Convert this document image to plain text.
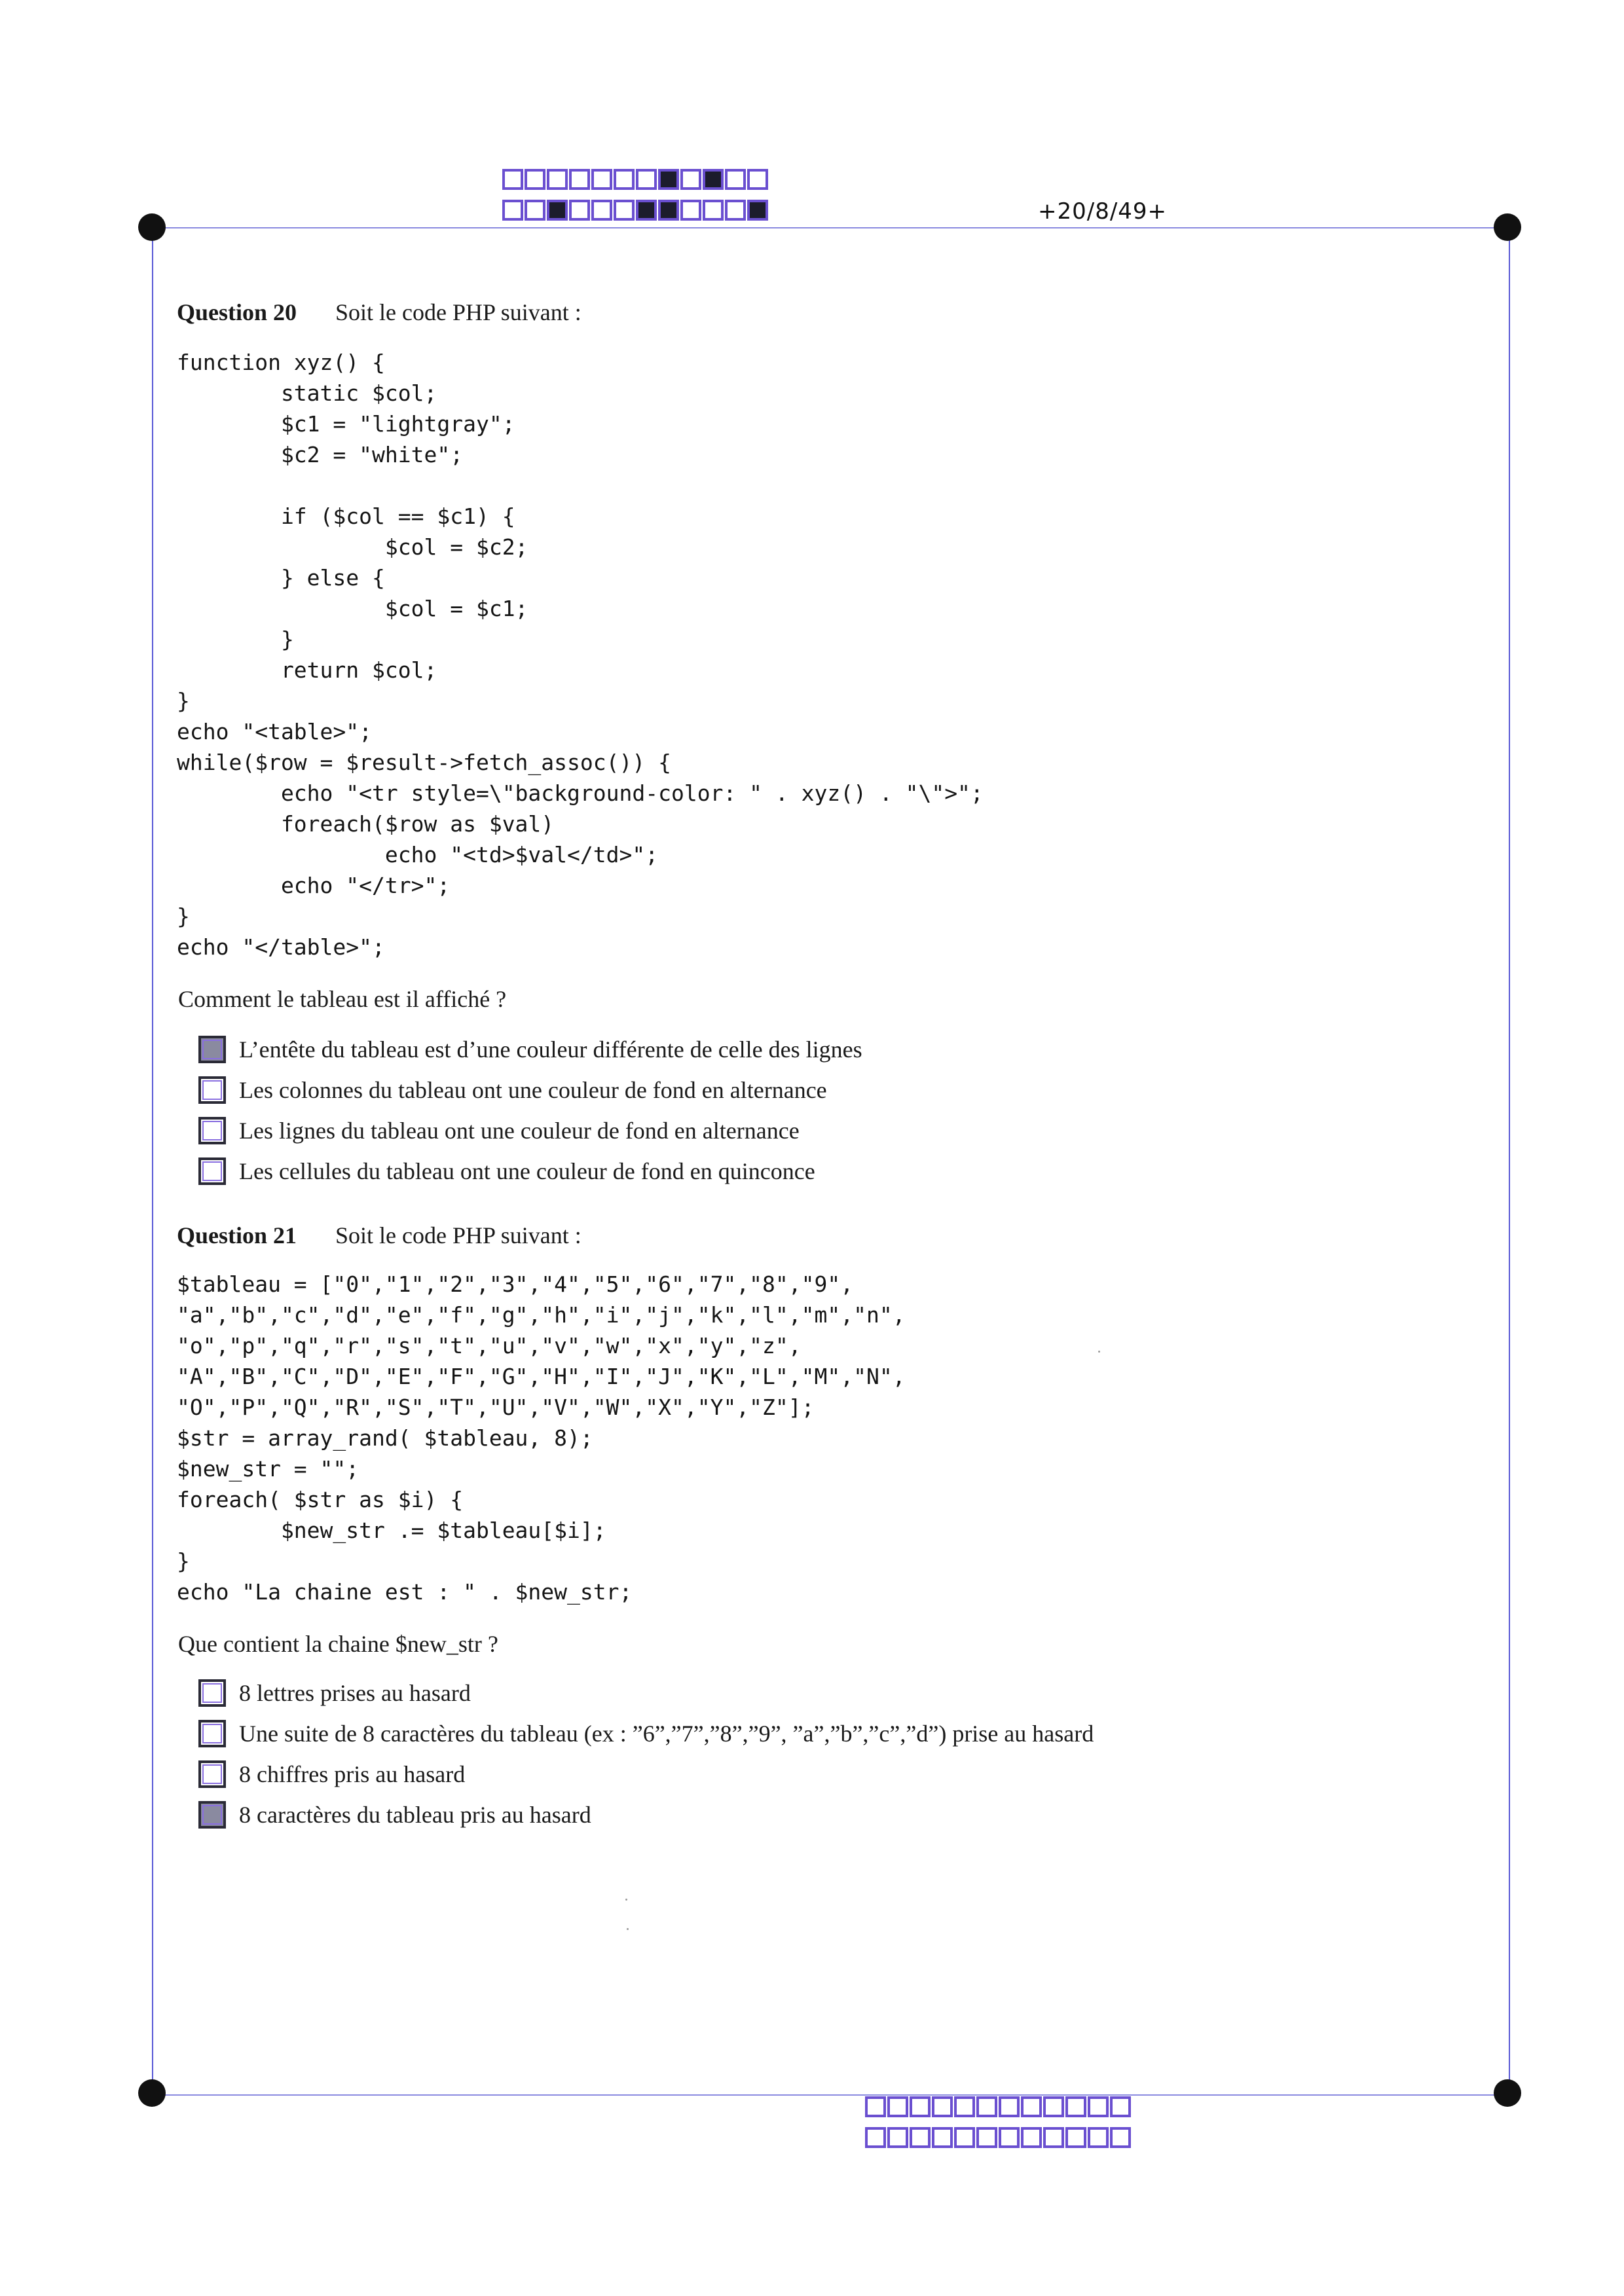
+20/8/49+
Question 20 Soit le code PHP suivant :
function xyz() {
static $col;
$c1 = "lightgray";
$c2 = "white";

if ($col == $c1) {
$col = $c2;
} else {
$col = $c1;
}
return $col;
}
echo "<table>";
while($row = $result->fetch_assoc()) {
echo "<tr style=\"background-color: " . xyz() . "\">";
foreach($row as $val)
echo "<td>$val</td>";
echo "</tr>";
}
echo "</table>";
Comment le tableau est il affiché ?
L’entête du tableau est d’une couleur différente de celle des lignes
Les colonnes du tableau ont une couleur de fond en alternance
Les lignes du tableau ont une couleur de fond en alternance
Les cellules du tableau ont une couleur de fond en quinconce
Question 21 Soit le code PHP suivant :
$tableau = ["0","1","2","3","4","5","6","7","8","9",
"a","b","c","d","e","f","g","h","i","j","k","l","m","n",
"o","p","q","r","s","t","u","v","w","x","y","z",
"A","B","C","D","E","F","G","H","I","J","K","L","M","N",
"O","P","Q","R","S","T","U","V","W","X","Y","Z"];
$str = array_rand( $tableau, 8);
$new_str = "";
foreach( $str as $i) {
$new_str .= $tableau[$i];
}
echo "La chaine est : " . $new_str;
Que contient la chaine $new_str ?
8 lettres prises au hasard
Une suite de 8 caractères du tableau (ex : ”6”,”7”,”8”,”9”, ”a”,”b”,”c”,”d”) prise au hasard
8 chiffres pris au hasard
8 caractères du tableau pris au hasard
